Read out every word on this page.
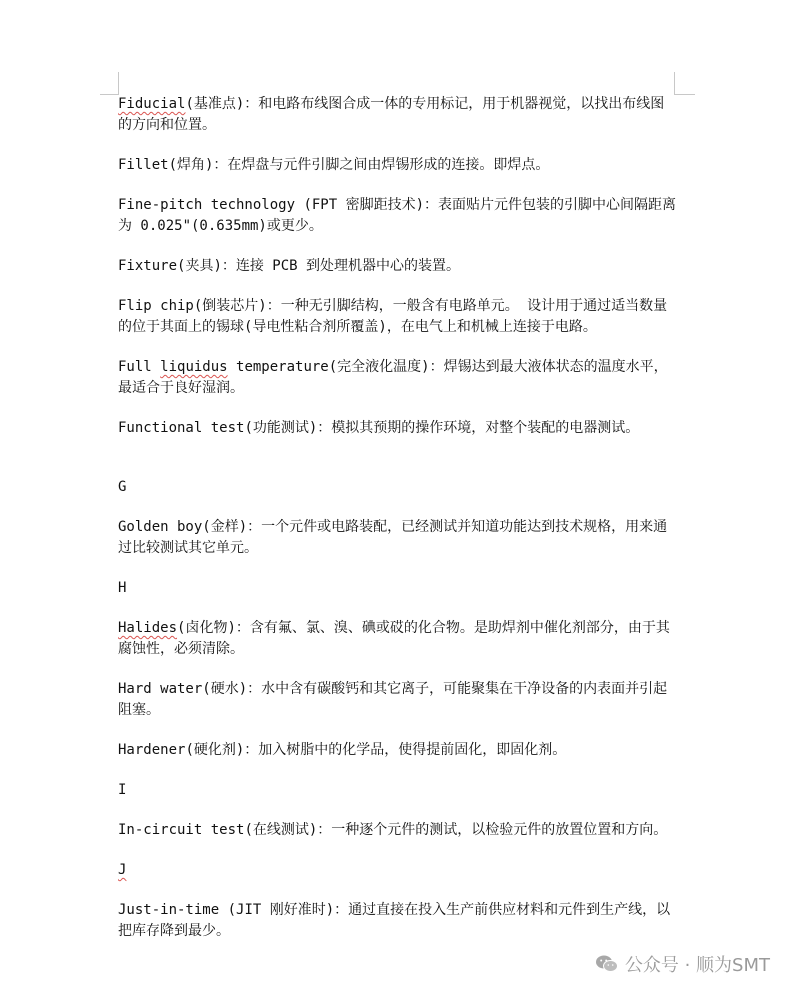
Fiducial(基准点)：和电路布线图合成一体的专用标记，用于机器视觉，以找出布线图的方向和位置。

Fillet(焊角)：在焊盘与元件引脚之间由焊锡形成的连接。即焊点。

Fine-pitch technology (FPT 密脚距技术)：表面贴片元件包装的引脚中心间隔距离为 0.025"(0.635mm)或更少。

Fixture(夹具)：连接 PCB 到处理机器中心的装置。

Flip chip(倒装芯片)：一种无引脚结构，一般含有电路单元。 设计用于通过适当数量的位于其面上的锡球(导电性粘合剂所覆盖)，在电气上和机械上连接于电路。

Full liquidus temperature(完全液化温度)：焊锡达到最大液体状态的温度水平，最适合于良好湿润。

Functional test(功能测试)：模拟其预期的操作环境，对整个装配的电器测试。

G

Golden boy(金样)：一个元件或电路装配，已经测试并知道功能达到技术规格，用来通过比较测试其它单元。

H

Halides(卤化物)：含有氟、氯、溴、碘或砹的化合物。是助焊剂中催化剂部分，由于其腐蚀性，必须清除。

Hard water(硬水)：水中含有碳酸钙和其它离子，可能聚集在干净设备的内表面并引起阻塞。

Hardener(硬化剂)：加入树脂中的化学品，使得提前固化，即固化剂。

I

In-circuit test(在线测试)：一种逐个元件的测试，以检验元件的放置位置和方向。

J

Just-in-time (JIT 刚好准时)：通过直接在投入生产前供应材料和元件到生产线，以把库存降到最少。

公众号 · 顺为SMT
